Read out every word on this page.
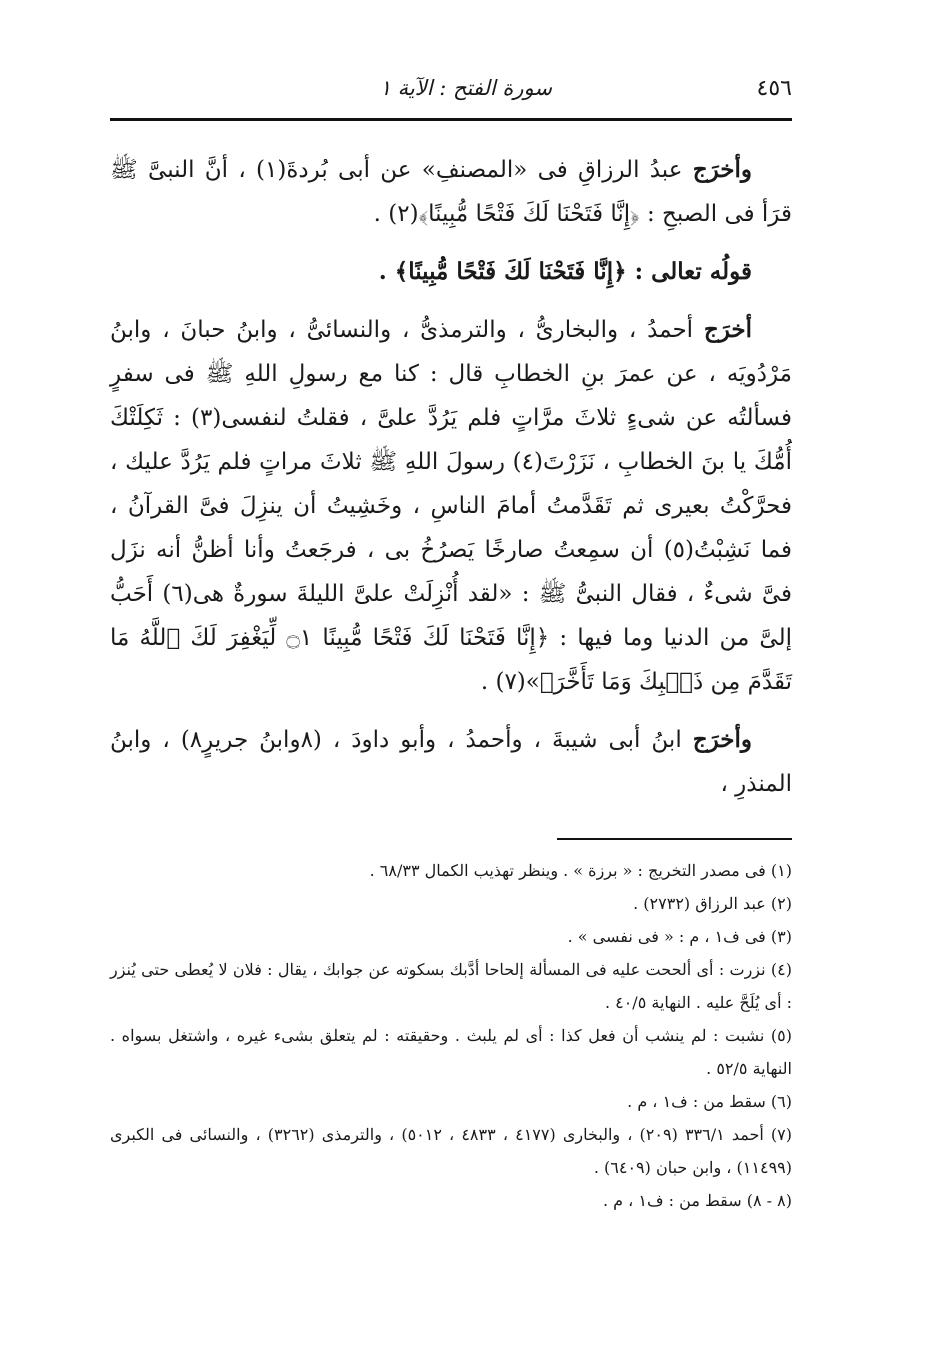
٤٥٦
سورة الفتح : الآية ١

وأخرَج عبدُ الرزاقِ فى «المصنفِ» عن أبى بُردةَ(١) ، أنَّ النبىَّ ﷺ قرَأ فى الصبحِ : ﴿إِنَّا فَتَحْنَا لَكَ فَتْحًا مُّبِينًا﴾(٢) .

قولُه تعالى : ﴿إِنَّا فَتَحْنَا لَكَ فَتْحًا مُّبِينًا﴾ .

أخرَج أحمدُ ، والبخارىُّ ، والترمذىُّ ، والنسائىُّ ، وابنُ حبانَ ، وابنُ مَرْدُويَه ، عن عمرَ بنِ الخطابِ قال : كنا مع رسولِ اللهِ ﷺ فى سفرٍ فسألتُه عن شىءٍ ثلاثَ مرَّاتٍ فلم يَرُدَّ علىَّ ، فقلتُ لنفسى(٣) : ثَكِلَتْكَ أُمُّكَ يا بنَ الخطابِ ، نَزَرْتَ(٤) رسولَ اللهِ ﷺ ثلاثَ مراتٍ فلم يَرُدَّ عليك ، فحرَّكْتُ بعيرى ثم تَقَدَّمتُ أمامَ الناسِ ، وخَشِيتُ أن ينزِلَ فىَّ القرآنُ ، فما نَشِبْتُ(٥) أن سمِعتُ صارخًا يَصرُخُ بى ، فرجَعتُ وأنا أظنُّ أنه نزَل فىَّ شىءٌ ، فقال النبىُّ ﷺ : «لقد أُنْزِلَتْ علىَّ الليلةَ سورةٌ هى(٦) أَحَبُّ إلىَّ من الدنيا وما فيها : ﴿إِنَّا فَتَحْنَا لَكَ فَتْحًا مُّبِينًا ۝١ لِّيَغْفِرَ لَكَ ٱللَّهُ مَا تَقَدَّمَ مِن ذَنۢبِكَ وَمَا تَأَخَّرَ﴾»(٧) .

وأخرَج ابنُ أبى شيبةَ ، وأحمدُ ، وأبو داودَ ، (٨وابنُ جريرٍ٨) ، وابنُ المنذرِ ،

(١) فى مصدر التخريج : « برزة » . وينظر تهذيب الكمال ٦٨/٣٣ .

(٢) عبد الرزاق (٢٧٣٢) .

(٣) فى ف١ ، م : « فى نفسى » .

(٤) نزرت : أى ألححت عليه فى المسألة إلحاحا أدَّبك بسكوته عن جوابك ، يقال : فلان لا يُعطى حتى يُنزر : أى يُلَحَّ عليه . النهاية ٤٠/٥ .

(٥) نشبت : لم ينشب أن فعل كذا : أى لم يلبث . وحقيقته : لم يتعلق بشىء غيره ، واشتغل بسواه . النهاية ٥٢/٥ .

(٦) سقط من : ف١ ، م .

(٧) أحمد ٣٣٦/١ (٢٠٩) ، والبخارى (٤١٧٧ ، ٤٨٣٣ ، ٥٠١٢) ، والترمذى (٣٢٦٢) ، والنسائى فى الكبرى (١١٤٩٩) ، وابن حبان (٦٤٠٩) .

(٨ - ٨) سقط من : ف١ ، م .
